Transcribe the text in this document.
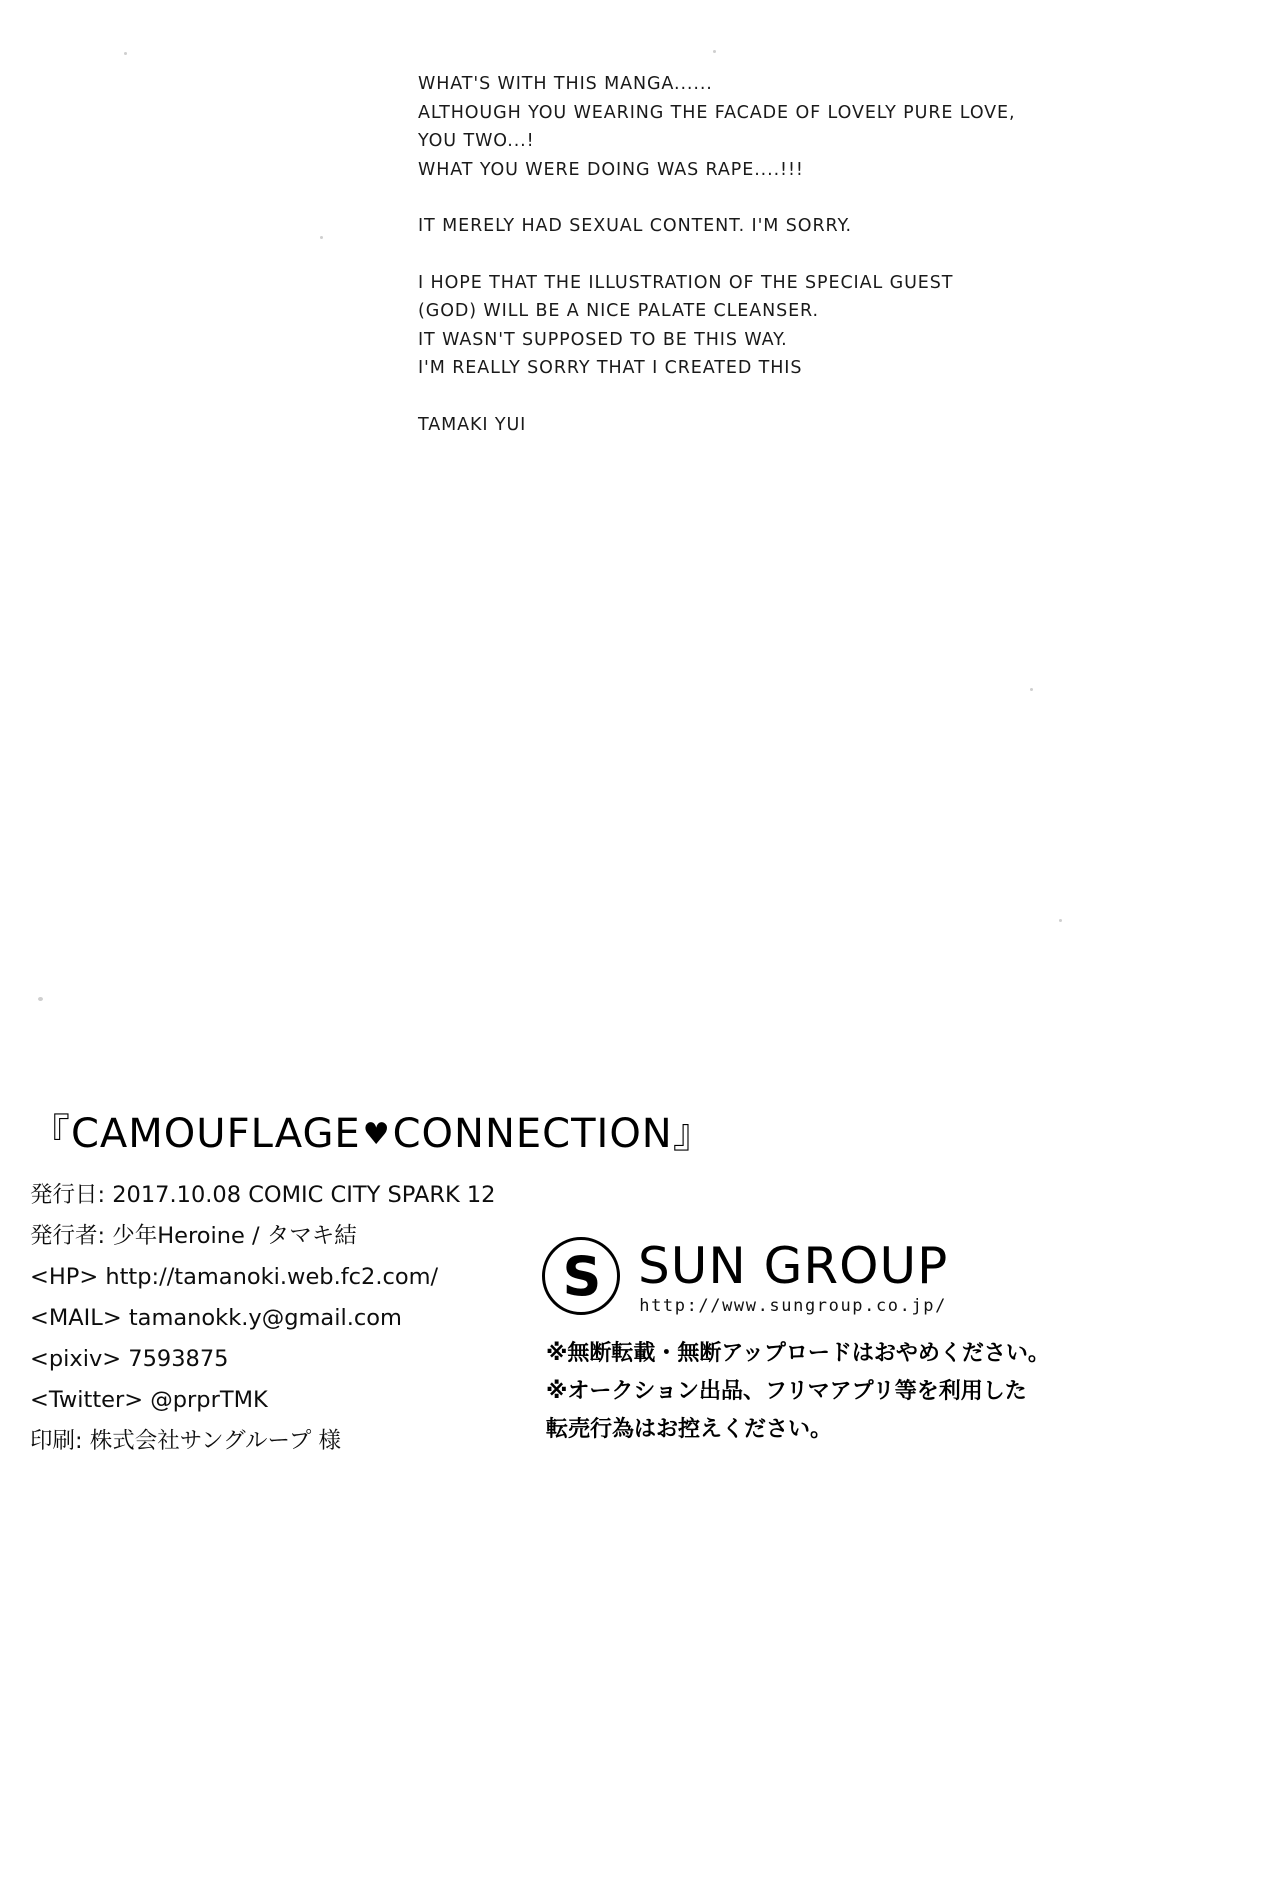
WHAT'S WITH THIS MANGA......
ALTHOUGH YOU WEARING THE FACADE OF LOVELY PURE LOVE,
YOU TWO...!
WHAT YOU WERE DOING WAS RAPE....!!!
IT MERELY HAD SEXUAL CONTENT. I'M SORRY.
I HOPE THAT THE ILLUSTRATION OF THE SPECIAL GUEST
(GOD) WILL BE A NICE PALATE CLEANSER.
IT WASN'T SUPPOSED TO BE THIS WAY.
I'M REALLY SORRY THAT I CREATED THIS
TAMAKI YUI
『CAMOUFLAGE♥CONNECTION』
発行日: 2017.10.08 COMIC CITY SPARK 12
発行者: 少年Heroine / タマキ結
<HP> http://tamanoki.web.fc2.com/
<MAIL> tamanokk.y@gmail.com
<pixiv> 7593875
<Twitter> @prprTMK
印刷: 株式会社サングループ 様
S SUN GROUP
http://www.sungroup.co.jp/
※無断転載・無断アップロードはおやめください。
※オークション出品、フリマアプリ等を利用した
転売行為はお控えください。
